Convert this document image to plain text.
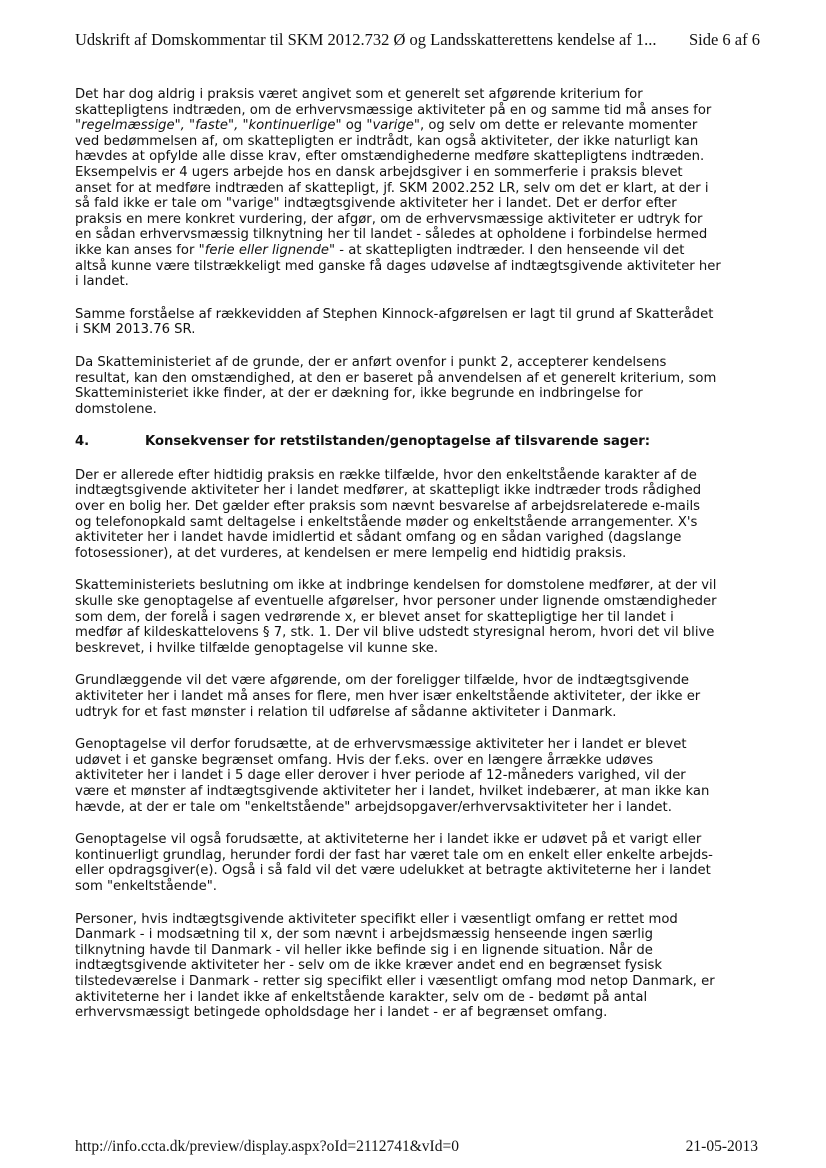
Udskrift af Domskommentar til SKM 2012.732 Ø og Landsskatterettens kendelse af 1... Side 6 af 6
Det har dog aldrig i praksis været angivet som et generelt set afgørende kriterium for
skattepligtens indtræden, om de erhvervsmæssige aktiviteter på en og samme tid må anses for
"regelmæssige", "faste", "kontinuerlige" og "varige", og selv om dette er relevante momenter
ved bedømmelsen af, om skattepligten er indtrådt, kan også aktiviteter, der ikke naturligt kan
hævdes at opfylde alle disse krav, efter omstændighederne medføre skattepligtens indtræden.
Eksempelvis er 4 ugers arbejde hos en dansk arbejdsgiver i en sommerferie i praksis blevet
anset for at medføre indtræden af skattepligt, jf. SKM 2002.252 LR, selv om det er klart, at der i
så fald ikke er tale om "varige" indtægtsgivende aktiviteter her i landet. Det er derfor efter
praksis en mere konkret vurdering, der afgør, om de erhvervsmæssige aktiviteter er udtryk for
en sådan erhvervsmæssig tilknytning her til landet - således at opholdene i forbindelse hermed
ikke kan anses for "ferie eller lignende" - at skattepligten indtræder. I den henseende vil det
altså kunne være tilstrækkeligt med ganske få dages udøvelse af indtægtsgivende aktiviteter her
i landet.
Samme forståelse af rækkevidden af Stephen Kinnock-afgørelsen er lagt til grund af Skatterådet
i SKM 2013.76 SR.
Da Skatteministeriet af de grunde, der er anført ovenfor i punkt 2, accepterer kendelsens
resultat, kan den omstændighed, at den er baseret på anvendelsen af et generelt kriterium, som
Skatteministeriet ikke finder, at der er dækning for, ikke begrunde en indbringelse for
domstolene.
4.	Konsekvenser for retstilstanden/genoptagelse af tilsvarende sager:
Der er allerede efter hidtidig praksis en række tilfælde, hvor den enkeltstående karakter af de
indtægtsgivende aktiviteter her i landet medfører, at skattepligt ikke indtræder trods rådighed
over en bolig her. Det gælder efter praksis som nævnt besvarelse af arbejdsrelaterede e-mails
og telefonopkald samt deltagelse i enkeltstående møder og enkeltstående arrangementer. X's
aktiviteter her i landet havde imidlertid et sådant omfang og en sådan varighed (dagslange
fotosessioner), at det vurderes, at kendelsen er mere lempelig end hidtidig praksis.
Skatteministeriets beslutning om ikke at indbringe kendelsen for domstolene medfører, at der vil
skulle ske genoptagelse af eventuelle afgørelser, hvor personer under lignende omstændigheder
som dem, der forelå i sagen vedrørende x, er blevet anset for skattepligtige her til landet i
medfør af kildeskattelovens § 7, stk. 1. Der vil blive udstedt styresignal herom, hvori det vil blive
beskrevet, i hvilke tilfælde genoptagelse vil kunne ske.
Grundlæggende vil det være afgørende, om der foreligger tilfælde, hvor de indtægtsgivende
aktiviteter her i landet må anses for flere, men hver især enkeltstående aktiviteter, der ikke er
udtryk for et fast mønster i relation til udførelse af sådanne aktiviteter i Danmark.
Genoptagelse vil derfor forudsætte, at de erhvervsmæssige aktiviteter her i landet er blevet
udøvet i et ganske begrænset omfang. Hvis der f.eks. over en længere årrække udøves
aktiviteter her i landet i 5 dage eller derover i hver periode af 12-måneders varighed, vil der
være et mønster af indtægtsgivende aktiviteter her i landet, hvilket indebærer, at man ikke kan
hævde, at der er tale om "enkeltstående" arbejdsopgaver/erhvervsaktiviteter her i landet.
Genoptagelse vil også forudsætte, at aktiviteterne her i landet ikke er udøvet på et varigt eller
kontinuerligt grundlag, herunder fordi der fast har været tale om en enkelt eller enkelte arbejds-
eller opdragsgiver(e). Også i så fald vil det være udelukket at betragte aktiviteterne her i landet
som "enkeltstående".
Personer, hvis indtægtsgivende aktiviteter specifikt eller i væsentligt omfang er rettet mod
Danmark - i modsætning til x, der som nævnt i arbejdsmæssig henseende ingen særlig
tilknytning havde til Danmark - vil heller ikke befinde sig i en lignende situation. Når de
indtægtsgivende aktiviteter her - selv om de ikke kræver andet end en begrænset fysisk
tilstedeværelse i Danmark - retter sig specifikt eller i væsentligt omfang mod netop Danmark, er
aktiviteterne her i landet ikke af enkeltstående karakter, selv om de - bedømt på antal
erhvervsmæssigt betingede opholdsdage her i landet - er af begrænset omfang.
http://info.ccta.dk/preview/display.aspx?oId=2112741&vId=0	21-05-2013
